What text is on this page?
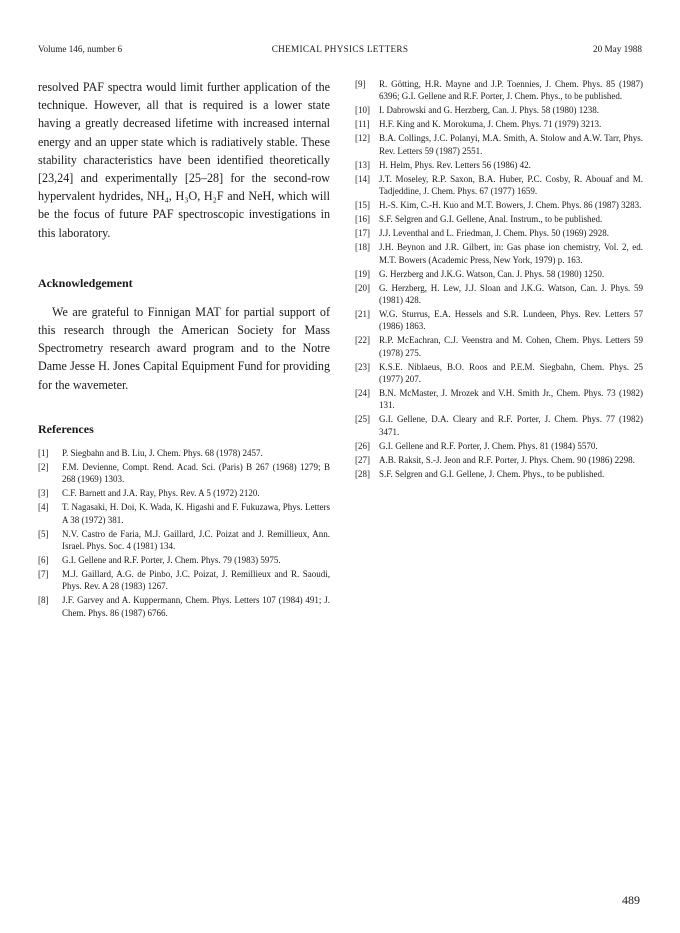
Volume 146, number 6	CHEMICAL PHYSICS LETTERS	20 May 1988

resolved PAF spectra would limit further application of the technique. However, all that is required is a lower state having a greatly decreased lifetime with increased internal energy and an upper state which is radiatively stable. These stability characteristics have been identified theoretically [23,24] and experimentally [25–28] for the second-row hypervalent hydrides, NH₄, H₃O, H₂F and NeH, which will be the focus of future PAF spectroscopic investigations in this laboratory.

Acknowledgement

We are grateful to Finnigan MAT for partial support of this research through the American Society for Mass Spectrometry research award program and to the Notre Dame Jesse H. Jones Capital Equipment Fund for providing for the wavemeter.

References
[1]	P. Siegbahn and B. Liu, J. Chem. Phys. 68 (1978) 2457.
[2]	F.M. Devienne, Compt. Rend. Acad. Sci. (Paris) B 267 (1968) 1279; B 268 (1969) 1303.
[3]	C.F. Barnett and J.A. Ray, Phys. Rev. A 5 (1972) 2120.
[4]	T. Nagasaki, H. Doi, K. Wada, K. Higashi and F. Fukuzawa, Phys. Letters A 38 (1972) 381.
[5]	N.V. Castro de Faria, M.J. Gaillard, J.C. Poizat and J. Remillieux, Ann. Israel. Phys. Soc. 4 (1981) 134.
[6]	G.I. Gellene and R.F. Porter, J. Chem. Phys. 79 (1983) 5975.
[7]	M.J. Gaillard, A.G. de Pinbo, J.C. Poizat, J. Remillieux and R. Saoudi, Phys. Rev. A 28 (1983) 1267.
[8]	J.F. Garvey and A. Kuppermann, Chem. Phys. Letters 107 (1984) 491; J. Chem. Phys. 86 (1987) 6766.
[9]	R. Götting, H.R. Mayne and J.P. Toennies, J. Chem. Phys. 85 (1987) 6396; G.I. Gellene and R.F. Porter, J. Chem. Phys., to be published.
[10]	I. Dabrowski and G. Herzberg, Can. J. Phys. 58 (1980) 1238.
[11]	H.F. King and K. Morokuma, J. Chem. Phys. 71 (1979) 3213.
[12]	B.A. Collings, J.C. Polanyi, M.A. Smith, A. Stolow and A.W. Tarr, Phys. Rev. Letters 59 (1987) 2551.
[13]	H. Helm, Phys. Rev. Letters 56 (1986) 42.
[14]	J.T. Moseley, R.P. Saxon, B.A. Huber, P.C. Cosby, R. Abouaf and M. Tadjeddine, J. Chem. Phys. 67 (1977) 1659.
[15]	H.-S. Kim, C.-H. Kuo and M.T. Bowers, J. Chem. Phys. 86 (1987) 3283.
[16]	S.F. Selgren and G.I. Gellene, Anal. Instrum., to be published.
[17]	J.J. Leventhal and L. Friedman, J. Chem. Phys. 50 (1969) 2928.
[18]	J.H. Beynon and J.R. Gilbert, in: Gas phase ion chemistry, Vol. 2, ed. M.T. Bowers (Academic Press, New York, 1979) p. 163.
[19]	G. Herzberg and J.K.G. Watson, Can. J. Phys. 58 (1980) 1250.
[20]	G. Herzberg, H. Lew, J.J. Sloan and J.K.G. Watson, Can. J. Phys. 59 (1981) 428.
[21]	W.G. Sturrus, E.A. Hessels and S.R. Lundeen, Phys. Rev. Letters 57 (1986) 1863.
[22]	R.P. McEachran, C.J. Veenstra and M. Cohen, Chem. Phys. Letters 59 (1978) 275.
[23]	K.S.E. Niblaeus, B.O. Roos and P.E.M. Siegbahn, Chem. Phys. 25 (1977) 207.
[24]	B.N. McMaster, J. Mrozek and V.H. Smith Jr., Chem. Phys. 73 (1982) 131.
[25]	G.I. Gellene, D.A. Cleary and R.F. Porter, J. Chem. Phys. 77 (1982) 3471.
[26]	G.I. Gellene and R.F. Porter, J. Chem. Phys. 81 (1984) 5570.
[27]	A.B. Raksit, S.-J. Jeon and R.F. Porter, J. Phys. Chem. 90 (1986) 2298.
[28]	S.F. Selgren and G.I. Gellene, J. Chem. Phys., to be published.
489
